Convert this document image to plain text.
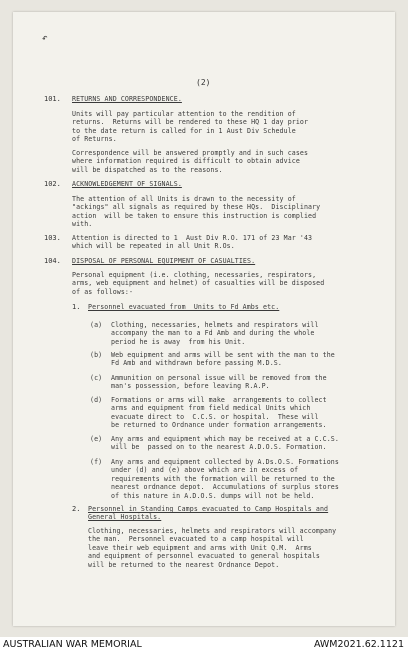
↶
(2)
101. RETURNS AND CORRESPONDENCE.
Units will pay particular attention to the rendition of
returns.  Returns will be rendered to these HQ 1 day prior
to the date return is called for in 1 Aust Div Schedule
of Returns.
Correspondence will be answered promptly and in such cases
where information required is difficult to obtain advice
will be dispatched as to the reasons.
102. ACKNOWLEDGEMENT OF SIGNALS.
The attention of all Units is drawn to the necessity of
"ackings" all signals as required by these HQs.  Disciplinary
action  will be taken to ensure this instruction is complied
with.
103. Attention is directed to 1  Aust Div R.O. 171 of 23 Mar '43
which will be repeated in all Unit R.Os.
104. DISPOSAL OF PERSONAL EQUIPMENT OF CASUALTIES.
Personal equipment (i.e. clothing, necessaries, respirators,
arms, web equipment and helmet) of casualties will be disposed
of as follows:-
1. Personnel evacuated from  Units to Fd Ambs etc.
(a) Clothing, necessaries, helmets and respirators will
accompany the man to a Fd Amb and during the whole
period he is away  from his Unit.
(b) Web equipment and arms will be sent with the man to the
Fd Amb and withdrawn before passing M.D.S.
(c) Ammunition on personal issue will be removed from the
man's possession, before leaving R.A.P.
(d) Formations or arms will make  arrangements to collect
arms and equipment from field medical Units which
evacuate direct to  C.C.S. or hospital.  These will
be returned to Ordnance under formation arrangements.
(e) Any arms and equipment which may be received at a C.C.S.
will be  passed on to the nearest A.D.O.S. Formation.
(f) Any arms and equipment collected by A.Ds.O.S. Formations
under (d) and (e) above which are in excess of
requirements with the formation will be returned to the
nearest ordnance depot.  Accumulations of surplus stores
of this nature in A.D.O.S. dumps will not be held.
2. Personnel in Standing Camps evacuated to Camp Hospitals and
General Hospitals.
Clothing, necessaries, helmets and respirators will accompany
the man.  Personnel evacuated to a camp hospital will
leave their web equipment and arms with Unit Q.M.  Arms
and equipment of personnel evacuated to general hospitals
will be returned to the nearest Ordnance Depot.
AUSTRALIAN WAR MEMORIAL	AWM2021.62.1121
